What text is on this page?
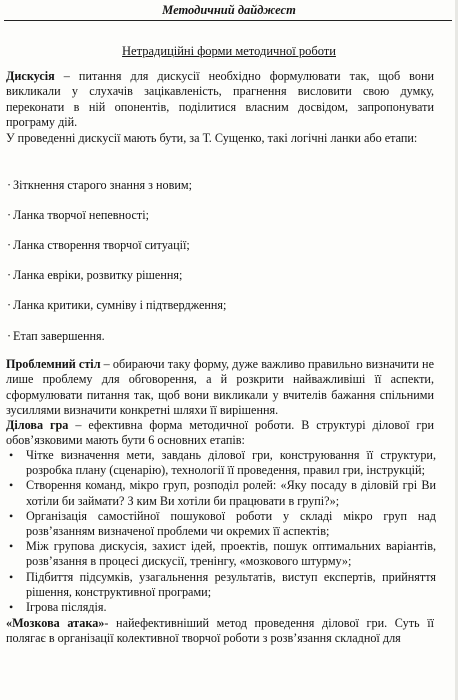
Методичний дайджест
Нетрадиційні форми методичної роботи
Дискусія – питання для дискусії необхідно формулювати так, щоб вони викликали у слухачів зацікавленість, прагнення висловити свою думку, переконати в ній опонентів, поділитися власним досвідом, запропонувати програму дій.
У проведенні дискусії мають бути, за Т. Сущенко, такі логічні ланки або етапи:
· Зіткнення старого знання з новим;
· Ланка творчої непевності;
· Ланка створення творчої ситуації;
· Ланка евріки, розвитку рішення;
· Ланка критики, сумніву і підтвердження;
· Етап завершення.
Проблемний стіл – обираючи таку форму, дуже важливо правильно визначити не лише проблему для обговорення, а й розкрити найважливіші її аспекти, сформулювати питання так, щоб вони викликали у вчителів бажання спільними зусиллями визначити конкретні шляхи її вирішення.
Ділова гра – ефективна форма методичної роботи. В структурі ділової гри обов’язковими мають бути 6 основних етапів:
• Чітке визначення мети, завдань ділової гри, конструювання її структури, розробка плану (сценарію), технології її проведення, правил гри, інструкцій;
• Створення команд, мікро груп, розподіл ролей: «Яку посаду в діловій грі Ви хотіли би займати? З ким Ви хотіли би працювати в групі?»;
• Організація самостійної пошукової роботи у складі мікро груп над розв’язанням визначеної проблеми чи окремих її аспектів;
• Між групова дискусія, захист ідей, проектів, пошук оптимальних варіантів, розв’язання в процесі дискусії, тренінгу, «мозкового штурму»;
• Підбиття підсумків, узагальнення результатів, виступ експертів, прийняття рішення, конструктивної програми;
• Ігрова післядія.
«Мозкова атака»- найефективніший метод проведення ділової гри. Суть її полягає в організації колективної творчої роботи з розв’язання складної для
